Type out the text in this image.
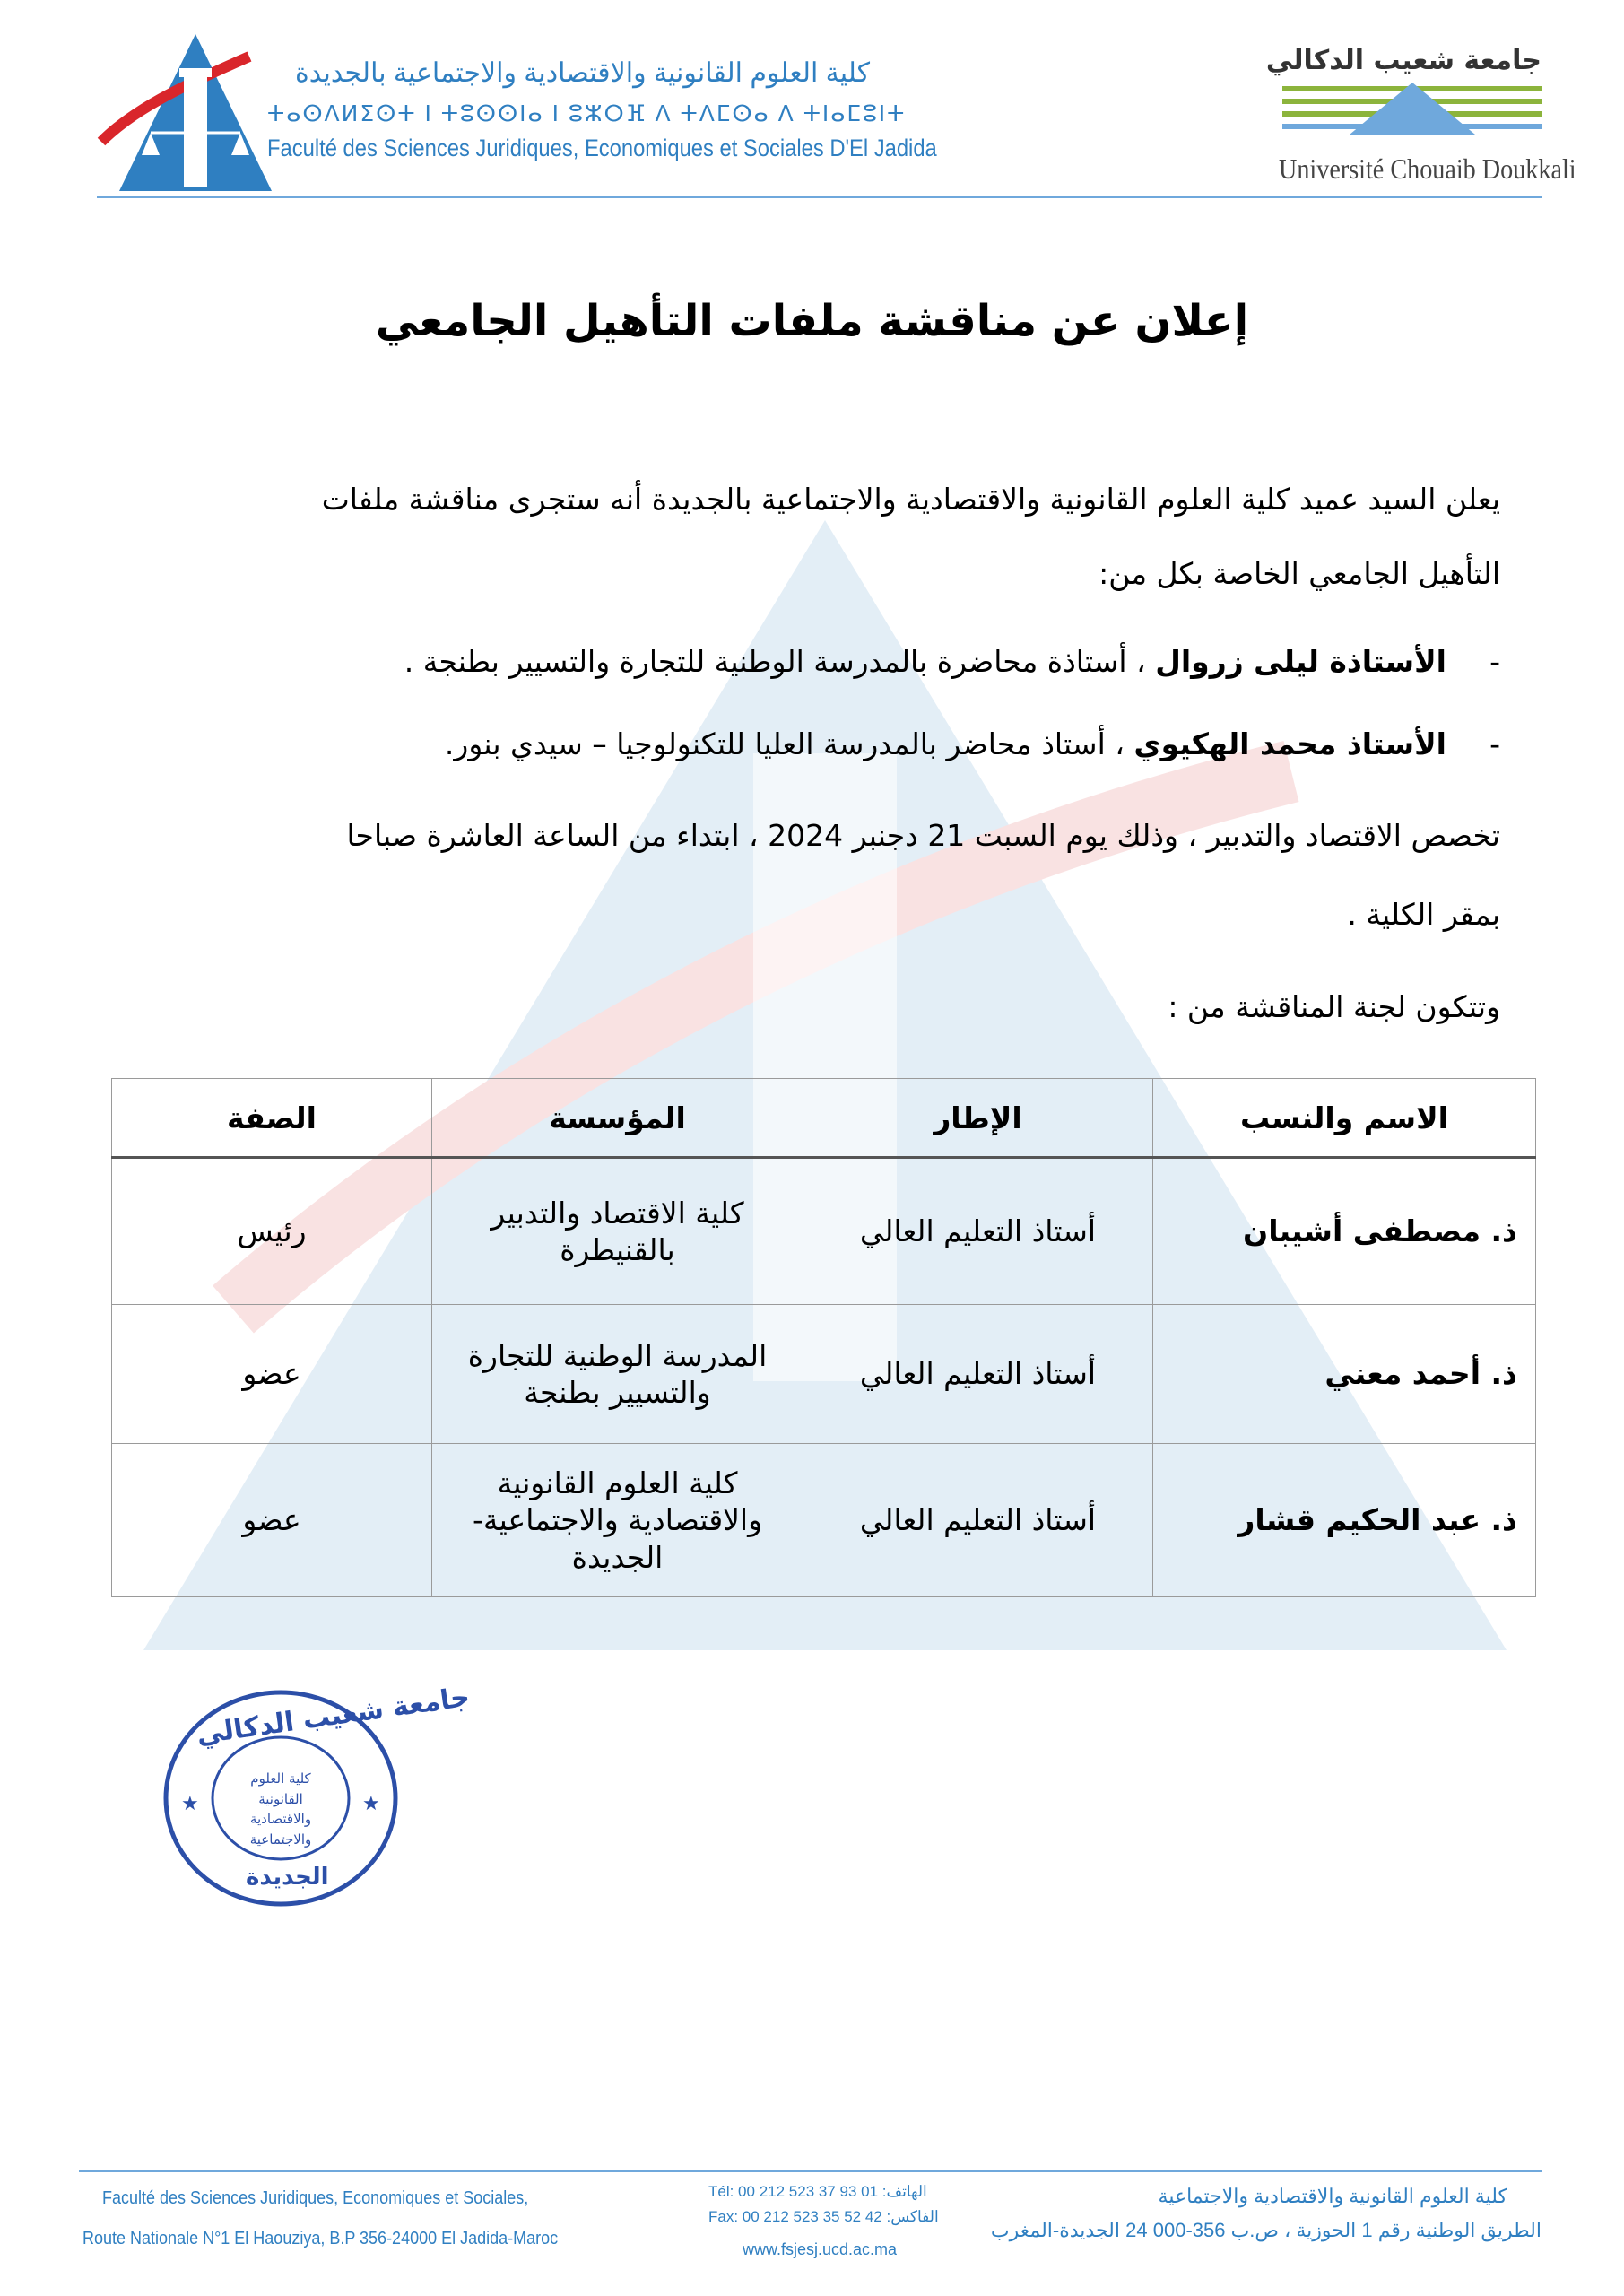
كلية العلوم القانونية والاقتصادية والاجتماعية بالجديدة
ⵜⴰⵙⴷⵍⵉⵙⵜ ⵏ ⵜⵓⵙⵙⵏⴰ ⵏ ⵓⵣⵔⴼ ⴷ ⵜⴷⵎⵙⴰ ⴷ ⵜⵏⴰⵎⵓⵏⵜ
Faculté des Sciences Juridiques, Economiques et Sociales D'El Jadida
جامعة شعيب الدكالي
Université Chouaib Doukkali
إعلان عن مناقشة ملفات التأهيل الجامعي
يعلن السيد عميد كلية العلوم القانونية والاقتصادية والاجتماعية بالجديدة أنه ستجرى مناقشة ملفات
التأهيل الجامعي الخاصة بكل من:
-الأستاذة ليلى زروال ، أستاذة محاضرة بالمدرسة الوطنية للتجارة والتسيير بطنجة .
-الأستاذ محمد الهكيوي ، أستاذ محاضر بالمدرسة العليا للتكنولوجيا – سيدي بنور.
تخصص الاقتصاد والتدبير ، وذلك يوم السبت 21 دجنبر 2024 ، ابتداء من الساعة العاشرة صباحا
بمقر الكلية .
وتتكون لجنة المناقشة من :
الاسم والنسب	الإطار	المؤسسة	الصفة
ذ. مصطفى أشيبان	أستاذ التعليم العالي	كلية الاقتصاد والتدبير بالقنيطرة	رئيس
ذ. أحمد معني	أستاذ التعليم العالي	المدرسة الوطنية للتجارة والتسيير بطنجة	عضو
ذ. عبد الحكيم قشار	أستاذ التعليم العالي	كلية العلوم القانونية والاقتصادية والاجتماعية-الجديدة	عضو
★	★
جامعة شعيب الدكالي
كلية العلوم القانونية والاقتصادية والاجتماعية
الجديدة
Faculté des Sciences Juridiques, Economiques et Sociales,
Route Nationale N°1 El Haouziya, B.P 356-24000 El Jadida-Maroc
Tél: 00 212 523 37 93 01 :الهاتف
Fax: 00 212 523 35 52 42 :الفاكس
www.fsjesj.ucd.ac.ma
كلية العلوم القانونية والاقتصادية والاجتماعية
الطريق الوطنية رقم 1 الحوزية ، ص.ب 356-000 24 الجديدة-المغرب
